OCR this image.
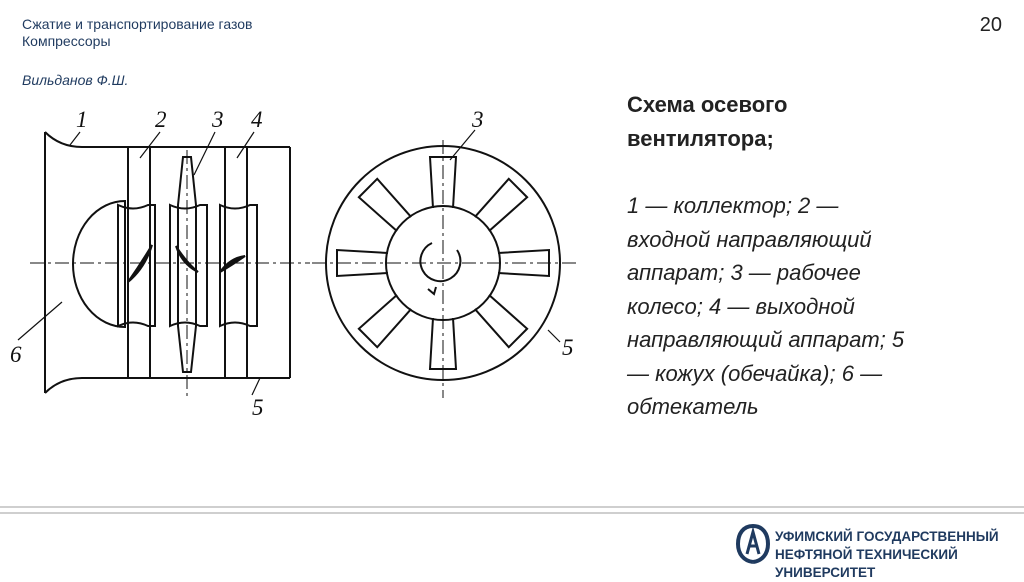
Сжатие и транспортирование газов
Компрессоры
Вильданов Ф.Ш.
20
1	2 3 4
5
6
3
5
Схема осевого
вентилятора;
1 — коллектор; 2 —
входной направляющий
аппарат; 3 — рабочее
колесо; 4 — выходной
направляющий аппарат; 5
— кожух (обечайка); 6 —
обтекатель
УФИМСКИЙ ГОСУДАРСТВЕННЫЙ
НЕФТЯНОЙ ТЕХНИЧЕСКИЙ УНИВЕРСИТЕТ
